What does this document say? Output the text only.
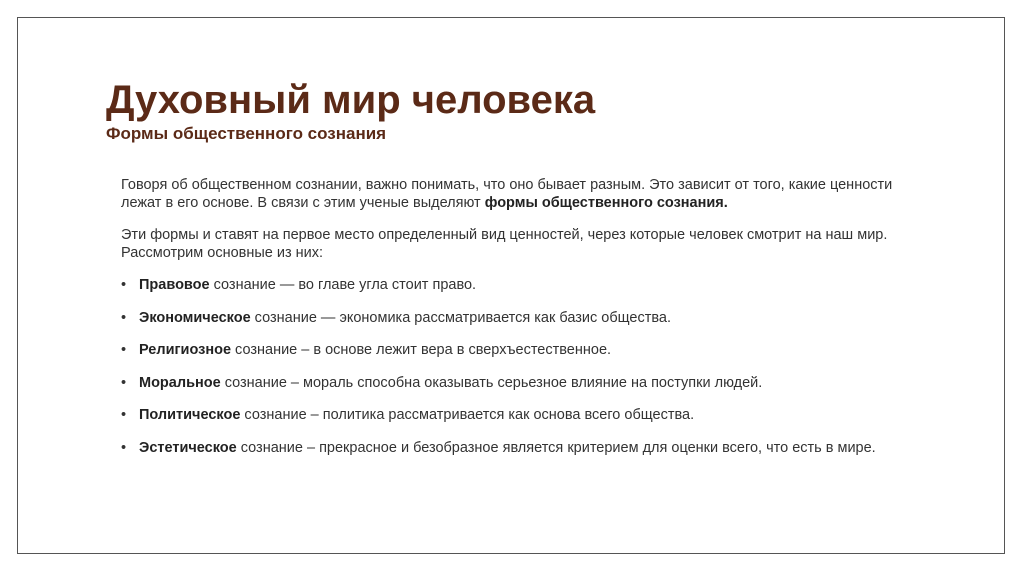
Духовный мир человека
Формы общественного сознания

Говоря об общественном сознании, важно понимать, что оно бывает разным. Это зависит от того, какие ценности лежат в его основе. В связи с этим ученые выделяют формы общественного сознания.

Эти формы и ставят на первое место определенный вид ценностей, через которые человек смотрит на наш мир. Рассмотрим основные из них:

• Правовое сознание — во главе угла стоит право.
• Экономическое сознание — экономика рассматривается как базис общества.
• Религиозное сознание – в основе лежит вера в сверхъестественное.
• Моральное сознание – мораль способна оказывать серьезное влияние на поступки людей.
• Политическое сознание – политика рассматривается как основа всего общества.
• Эстетическое сознание – прекрасное и безобразное является критерием для оценки всего, что есть в мире.
